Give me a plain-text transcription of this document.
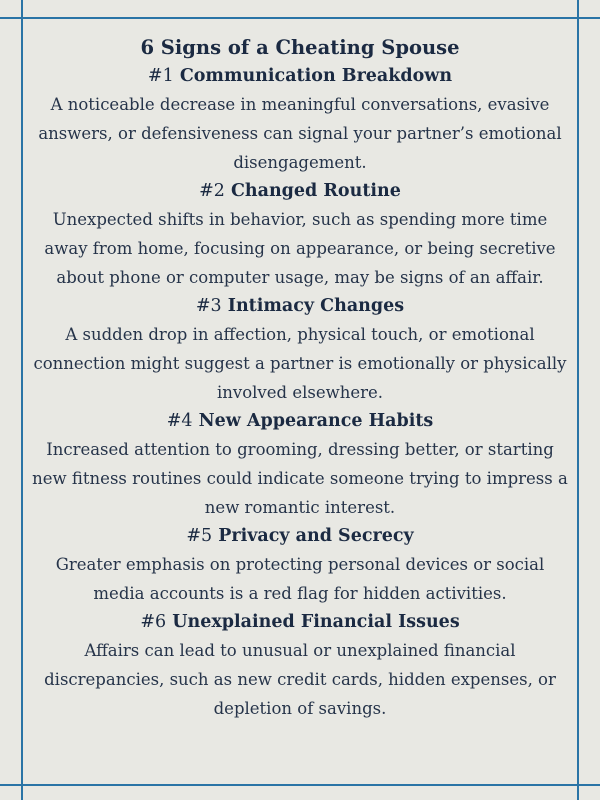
6 Signs of a Cheating Spouse
#1 Communication Breakdown

A noticeable decrease in meaningful conversations, evasive answers, or defensiveness can signal your partner’s emotional disengagement.

#2 Changed Routine

Unexpected shifts in behavior, such as spending more time away from home, focusing on appearance, or being secretive about phone or computer usage, may be signs of an affair.

#3 Intimacy Changes

A sudden drop in affection, physical touch, or emotional connection might suggest a partner is emotionally or physically involved elsewhere.

#4 New Appearance Habits

Increased attention to grooming, dressing better, or starting new fitness routines could indicate someone trying to impress a new romantic interest.

#5 Privacy and Secrecy

Greater emphasis on protecting personal devices or social media accounts is a red flag for hidden activities.

#6 Unexplained Financial Issues

Affairs can lead to unusual or unexplained financial discrepancies, such as new credit cards, hidden expenses, or depletion of savings.
